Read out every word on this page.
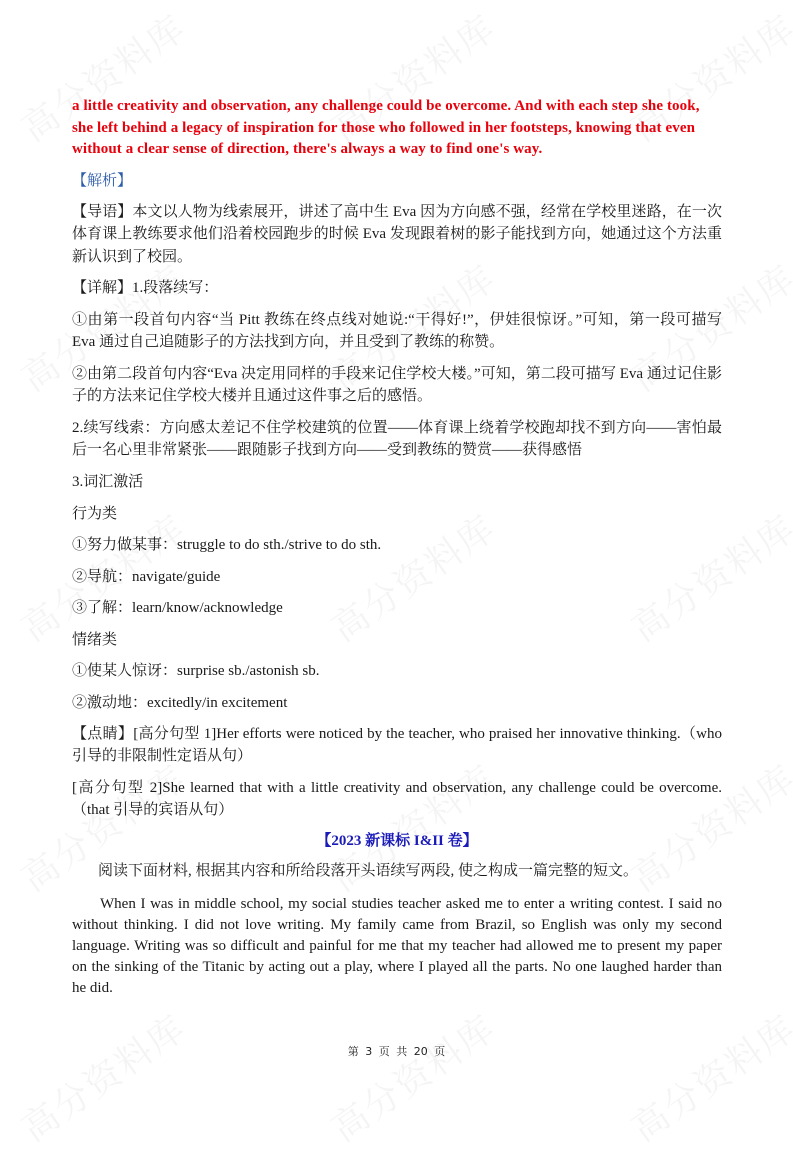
a little creativity and observation, any challenge could be overcome. And with each step she took, she left behind a legacy of inspiration for those who followed in her footsteps, knowing that even without a clear sense of direction, there's always a way to find one's way.

【解析】

【导语】本文以人物为线索展开，讲述了高中生 Eva 因为方向感不强，经常在学校里迷路，在一次体育课上教练要求他们沿着校园跑步的时候 Eva 发现跟着树的影子能找到方向，她通过这个方法重新认识到了校园。

【详解】1.段落续写：

①由第一段首句内容“当 Pitt 教练在终点线对她说:“干得好!”，伊娃很惊讶。”可知，第一段可描写 Eva 通过自己追随影子的方法找到方向，并且受到了教练的称赞。

②由第二段首句内容“Eva 决定用同样的手段来记住学校大楼。”可知，第二段可描写 Eva 通过记住影子的方法来记住学校大楼并且通过这件事之后的感悟。

2.续写线索：方向感太差记不住学校建筑的位置——体育课上绕着学校跑却找不到方向——害怕最后一名心里非常紧张——跟随影子找到方向——受到教练的赞赏——获得感悟

3.词汇激活

行为类

①努力做某事：struggle to do sth./strive to do sth.

②导航：navigate/guide

③了解：learn/know/acknowledge

情绪类

①使某人惊讶：surprise sb./astonish sb.

②激动地：excitedly/in excitement

【点睛】[高分句型 1]Her efforts were noticed by the teacher, who praised her innovative thinking.（who 引导的非限制性定语从句）

[高分句型 2]She learned that with a little creativity and observation, any challenge could be overcome.（that 引导的宾语从句）

【2023 新课标 I&II 卷】

阅读下面材料, 根据其内容和所给段落开头语续写两段, 使之构成一篇完整的短文。

When I was in middle school, my social studies teacher asked me to enter a writing contest. I said no without thinking. I did not love writing. My family came from Brazil, so English was only my second language. Writing was so difficult and painful for me that my teacher had allowed me to present my paper on the sinking of the Titanic by acting out a play, where I played all the parts. No one laughed harder than he did.

第 3 页 共 20 页
